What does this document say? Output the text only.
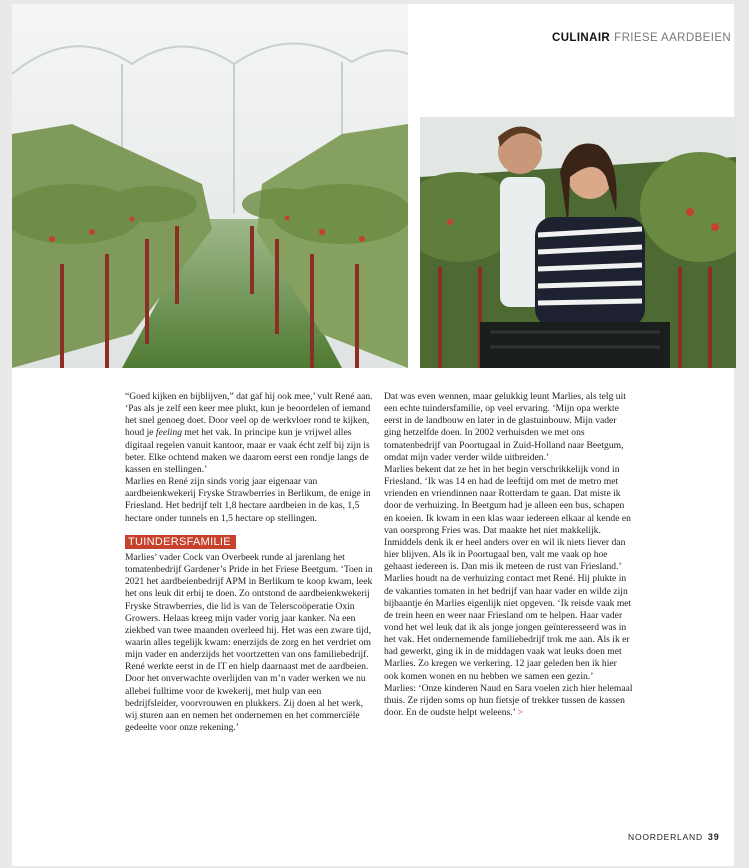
CULINAIR FRIESE AARDBEIEN

“Goed kijken en bijblijven,” dat gaf hij ook mee,’ vult René aan. ‘Pas als je zelf een keer mee plukt, kun je beoordelen of iemand het snel genoeg doet. Door veel op de werkvloer rond te kijken, houd je feeling met het vak. In principe kun je vrijwel alles digitaal regelen vanuit kantoor, maar er vaak écht zelf bij zijn is beter. Elke ochtend maken we daarom eerst een rondje langs de kassen en stellingen.’

Marlies en René zijn sinds vorig jaar eigenaar van aardbeienkwekerij Fryske Strawberries in Berlikum, de enige in Friesland. Het bedrijf telt 1,8 hectare aardbeien in de kas, 1,5 hectare onder tunnels en 1,5 hectare op stellingen.

TUINDERSFAMILIE

Marlies’ vader Cock van Overbeek runde al jarenlang het tomatenbedrijf Gardener’s Pride in het Friese Beetgum. ‘Toen in 2021 het aardbeienbedrijf APM in Berlikum te koop kwam, leek het ons leuk dit erbij te doen. Zo ontstond de aardbeienkwekerij Fryske Strawberries, die lid is van de Telerscoöperatie Oxin Growers. Helaas kreeg mijn vader vorig jaar kanker. Na een ziekbed van twee maanden overleed hij. Het was een zware tijd, waarin alles tegelijk kwam: enerzijds de zorg en het verdriet om mijn vader en anderzijds het voortzetten van ons familiebedrijf. René werkte eerst in de IT en hielp daarnaast met de aardbeien. Door het onverwachte overlijden van m’n vader werken we nu allebei fulltime voor de kwekerij, met hulp van een bedrijfsleider, voorvrouwen en plukkers. Zij doen al het werk, wij sturen aan en nemen het ondernemen en het commerciële gedeelte voor onze rekening.’

Dat was even wennen, maar gelukkig leunt Marlies, als telg uit een echte tuindersfamilie, op veel ervaring. ‘Mijn opa werkte eerst in de landbouw en later in de glastuinbouw. Mijn vader ging hetzelfde doen. In 2002 verhuisden we met ons tomatenbedrijf van Poortugaal in Zuid-Holland naar Beetgum, omdat mijn vader verder wilde uitbreiden.’

Marlies bekent dat ze het in het begin verschrikkelijk vond in Friesland. ‘Ik was 14 en had de leeftijd om met de metro met vrienden en vriendinnen naar Rotterdam te gaan. Dat miste ik door de verhuizing. In Beetgum had je alleen een bus, schapen en koeien. Ik kwam in een klas waar iedereen elkaar al kende en van oorsprong Fries was. Dat maakte het niet makkelijk. Inmiddels denk ik er heel anders over en wil ik niets liever dan hier blijven. Als ik in Poortugaal ben, valt me vaak op hoe gehaast iedereen is. Dan mis ik meteen de rust van Friesland.’

Marlies houdt na de verhuizing contact met René. Hij plukte in de vakanties tomaten in het bedrijf van haar vader en wilde zijn bijbaantje én Marlies eigenlijk niet opgeven. ‘Ik reisde vaak met de trein heen en weer naar Friesland om te helpen. Haar vader vond het wel leuk dat ik als jonge jongen geïnteresseerd was in het vak. Het ondernemende familiebedrijf trok me aan. Als ik er had gewerkt, ging ik in de middagen vaak wat leuks doen met Marlies. Zo kregen we verkering. 12 jaar geleden ben ik hier ook komen wonen en nu hebben we samen een gezin.’

Marlies: ‘Onze kinderen Naud en Sara voelen zich hier helemaal thuis. Ze rijden soms op hun fietsje of trekker tussen de kassen door. En de oudste helpt weleens.’ >

NOORDERLAND 39
